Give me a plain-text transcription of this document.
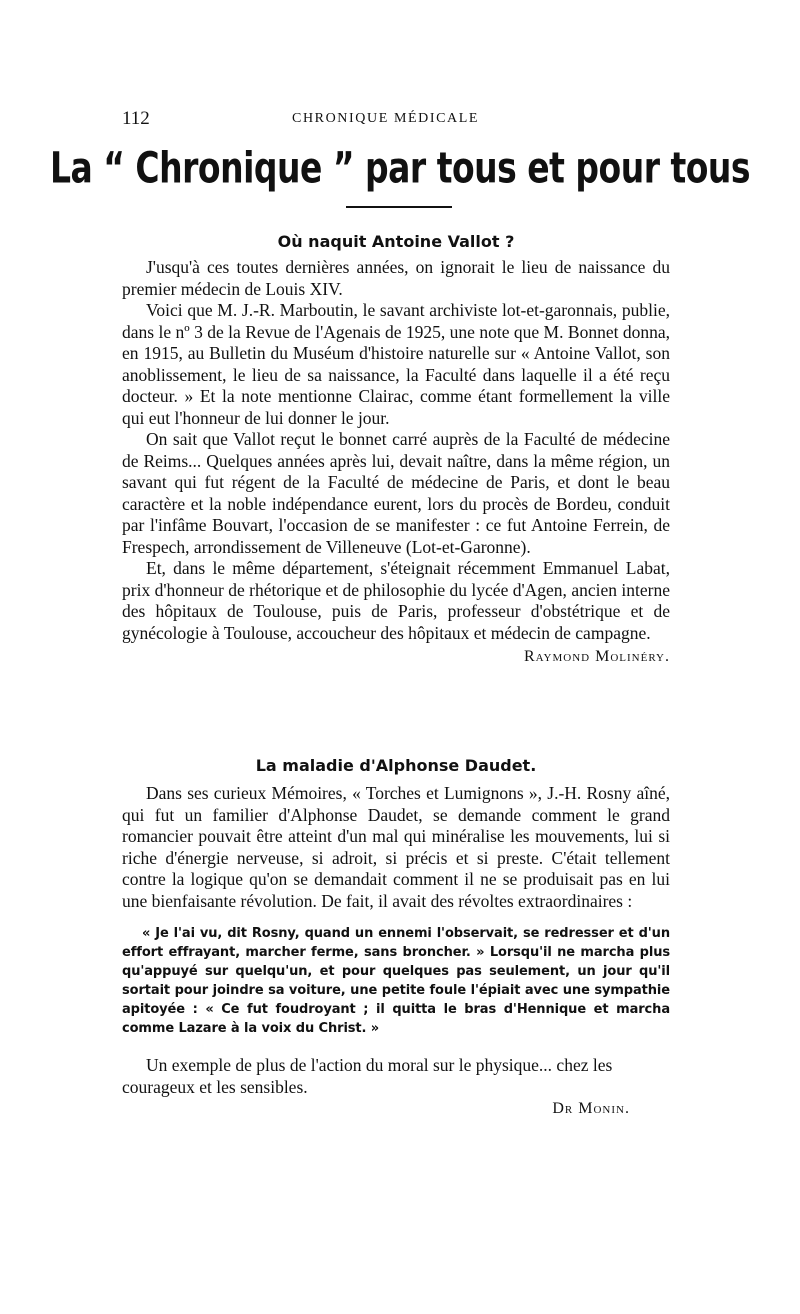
112	CHRONIQUE MÉDICALE
La “ Chronique ” par tous et pour tous
Où naquit Antoine Vallot ?

J'usqu'à ces toutes dernières années, on ignorait le lieu de naissance du premier médecin de Louis XIV.

Voici que M. J.-R. Marboutin, le savant archiviste lot-et-garonnais, publie, dans le nº 3 de la Revue de l'Agenais de 1925, une note que M. Bonnet donna, en 1915, au Bulletin du Muséum d'histoire naturelle sur « Antoine Vallot, son anoblissement, le lieu de sa naissance, la Faculté dans laquelle il a été reçu docteur. » Et la note mentionne Clairac, comme étant formellement la ville qui eut l'honneur de lui donner le jour.

On sait que Vallot reçut le bonnet carré auprès de la Faculté de médecine de Reims... Quelques années après lui, devait naître, dans la même région, un savant qui fut régent de la Faculté de médecine de Paris, et dont le beau caractère et la noble indépendance eurent, lors du procès de Bordeu, conduit par l'infâme Bouvart, l'occasion de se manifester : ce fut Antoine Ferrein, de Frespech, arrondissement de Villeneuve (Lot-et-Garonne).

Et, dans le même département, s'éteignait récemment Emmanuel Labat, prix d'honneur de rhétorique et de philosophie du lycée d'Agen, ancien interne des hôpitaux de Toulouse, puis de Paris, professeur d'obstétrique et de gynécologie à Toulouse, accoucheur des hôpitaux et médecin de campagne.

Raymond Molinéry.

La maladie d'Alphonse Daudet.

Dans ses curieux Mémoires, « Torches et Lumignons », J.-H. Rosny aîné, qui fut un familier d'Alphonse Daudet, se demande comment le grand romancier pouvait être atteint d'un mal qui minéralise les mouvements, lui si riche d'énergie nerveuse, si adroit, si précis et si preste. C'était tellement contre la logique qu'on se demandait comment il ne se produisait pas en lui une bienfaisante révolution. De fait, il avait des révoltes extraordinaires :

« Je l'ai vu, dit Rosny, quand un ennemi l'observait, se redresser et d'un effort effrayant, marcher ferme, sans broncher. » Lorsqu'il ne marcha plus qu'appuyé sur quelqu'un, et pour quelques pas seulement, un jour qu'il sortait pour joindre sa voiture, une petite foule l'épiait avec une sympathie apitoyée : « Ce fut foudroyant ; il quitta le bras d'Hennique et marcha comme Lazare à la voix du Christ. »

Un exemple de plus de l'action du moral sur le physique... chez les courageux et les sensibles.

Dr Monin.
